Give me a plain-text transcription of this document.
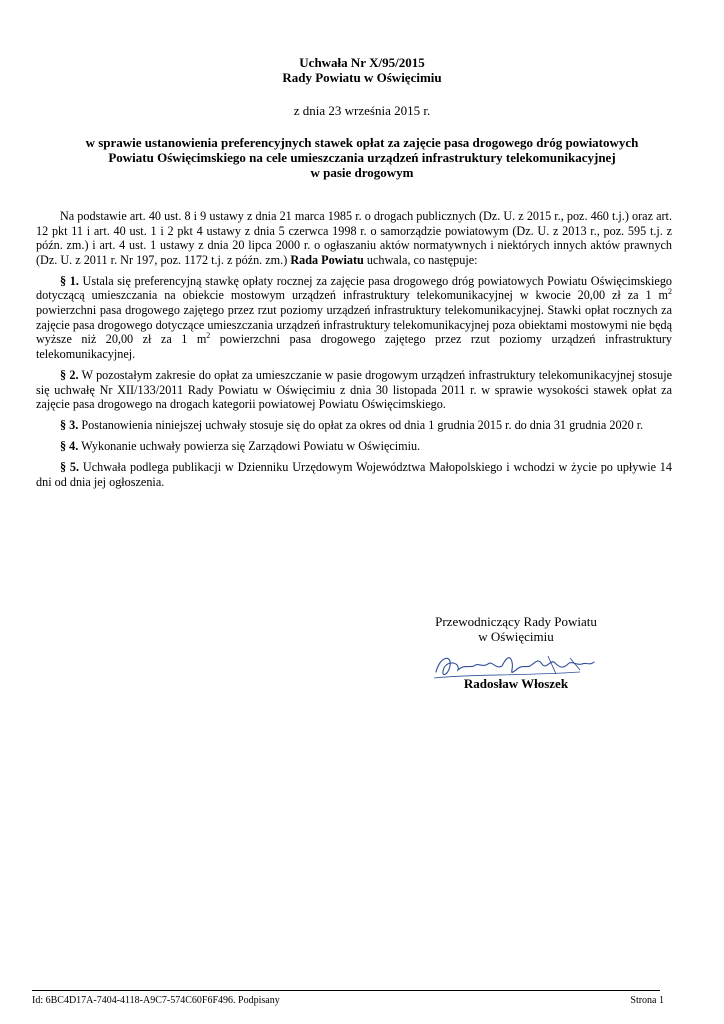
Uchwała Nr X/95/2015
Rady Powiatu w Oświęcimiu
z dnia 23 września 2015 r.
w sprawie ustanowienia preferencyjnych stawek opłat za zajęcie pasa drogowego dróg powiatowych
Powiatu Oświęcimskiego na cele umieszczania urządzeń infrastruktury telekomunikacyjnej
w pasie drogowym

Na podstawie art. 40 ust. 8 i 9 ustawy z dnia 21 marca 1985 r. o drogach publicznych (Dz. U. z 2015 r., poz. 460 t.j.) oraz art. 12 pkt 11 i art. 40 ust. 1 i 2 pkt 4 ustawy z dnia 5 czerwca 1998 r. o samorządzie powiatowym (Dz. U. z 2013 r., poz. 595 t.j. z późn. zm.) i art. 4 ust. 1 ustawy z dnia 20 lipca 2000 r. o ogłaszaniu aktów normatywnych i niektórych innych aktów prawnych (Dz. U. z 2011 r. Nr 197, poz. 1172 t.j. z późn. zm.) Rada Powiatu uchwala, co następuje:

§ 1. Ustala się preferencyjną stawkę opłaty rocznej za zajęcie pasa drogowego dróg powiatowych Powiatu Oświęcimskiego dotyczącą umieszczania na obiekcie mostowym urządzeń infrastruktury telekomunikacyjnej w kwocie 20,00 zł za 1 $m^2$ powierzchni pasa drogowego zajętego przez rzut poziomy urządzeń infrastruktury telekomunikacyjnej. Stawki opłat rocznych za zajęcie pasa drogowego dotyczące umieszczania urządzeń infrastruktury telekomunikacyjnej poza obiektami mostowymi nie będą wyższe niż 20,00 zł za 1 $m^2$ powierzchni pasa drogowego zajętego przez rzut poziomy urządzeń infrastruktury telekomunikacyjnej.

§ 2. W pozostałym zakresie do opłat za umieszczanie w pasie drogowym urządzeń infrastruktury telekomunikacyjnej stosuje się uchwałę Nr XII/133/2011 Rady Powiatu w Oświęcimiu z dnia 30 listopada 2011 r. w sprawie wysokości stawek opłat za zajęcie pasa drogowego na drogach kategorii powiatowej Powiatu Oświęcimskiego.

§ 3. Postanowienia niniejszej uchwały stosuje się do opłat za okres od dnia 1 grudnia 2015 r. do dnia 31 grudnia 2020 r.

§ 4. Wykonanie uchwały powierza się Zarządowi Powiatu w Oświęcimiu.

§ 5. Uchwała podlega publikacji w Dzienniku Urzędowym Województwa Małopolskiego i wchodzi w życie po upływie 14 dni od dnia jej ogłoszenia.

Przewodniczący Rady Powiatu
w Oświęcimiu
Radosław Włoszek
Id: 6BC4D17A-7404-4118-A9C7-574C60F6F496. Podpisany	Strona 1
